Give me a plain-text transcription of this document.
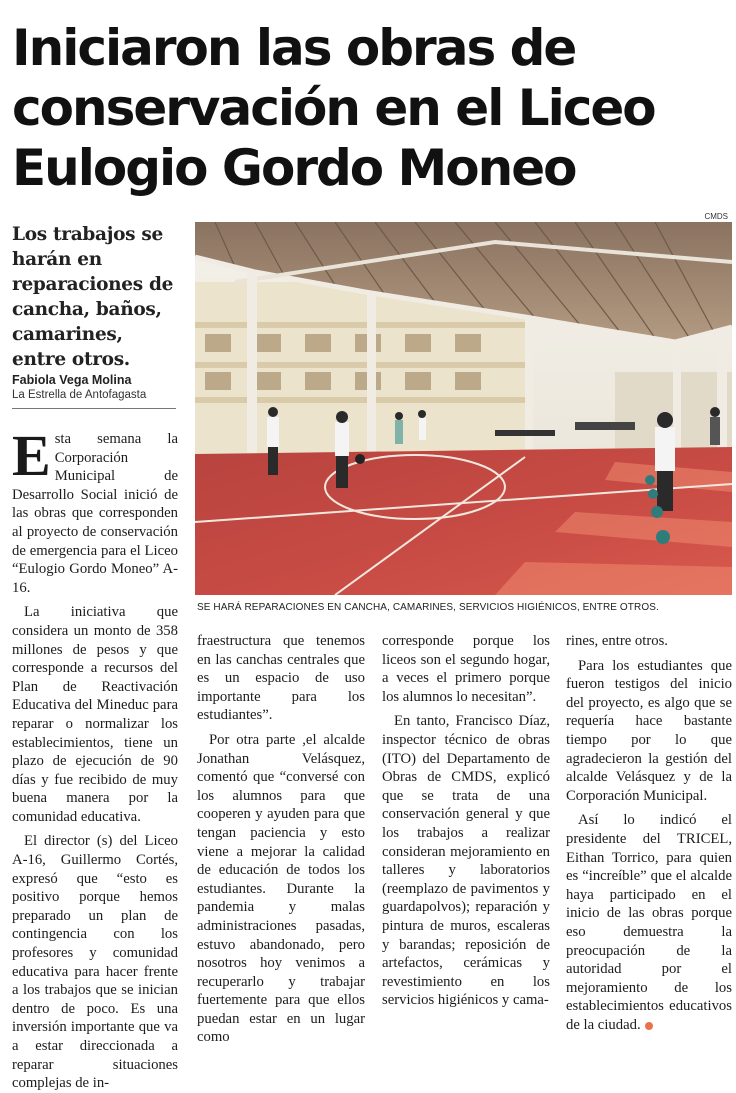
Iniciaron las obras de
conservación en el Liceo
Eulogio Gordo Moneo

Los trabajos se harán en reparaciones de cancha, baños, camarines, entre otros.

Fabiola Vega Molina
La Estrella de Antofagasta
CMDS
SE HARÁ REPARACIONES EN CANCHA, CAMARINES, SERVICIOS HIGIÉNICOS, ENTRE OTROS.

Esta semana la Corporación Municipal de Desarrollo Social inició de las obras que corresponden al proyecto de conservación de emergencia para el Liceo “Eulogio Gordo Moneo” A-16.

La iniciativa que considera un monto de 358 millones de pesos y que corresponde a recursos del Plan de Reactivación Educativa del Mineduc para reparar o normalizar los establecimientos, tiene un plazo de ejecución de 90 días y fue recibido de muy buena manera por la comunidad educativa.

El director (s) del Liceo A-16, Guillermo Cortés, expresó que “esto es positivo porque hemos preparado un plan de contingencia con los profesores y comunidad educativa para hacer frente a los trabajos que se inician dentro de poco. Es una inversión importante que va a estar direccionada a reparar situaciones complejas de in-

fraestructura que tenemos en las canchas centrales que es un espacio de uso importante para los estudiantes”.

Por otra parte ,el alcalde Jonathan Velásquez, comentó que “conversé con los alumnos para que cooperen y ayuden para que tengan paciencia y esto viene a mejorar la calidad de educación de todos los estudiantes. Durante la pandemia y malas administraciones pasadas, estuvo abandonado, pero nosotros hoy venimos a recuperarlo y trabajar fuertemente para que ellos puedan estar en un lugar como

corresponde porque los liceos son el segundo hogar, a veces el primero porque los alumnos lo necesitan”.

En tanto, Francisco Díaz, inspector técnico de obras (ITO) del Departamento de Obras de CMDS, explicó que se trata de una conservación general y que los trabajos a realizar consideran mejoramiento en talleres y laboratorios (reemplazo de pavimentos y guardapolvos); reparación y pintura de muros, escaleras y barandas; reposición de artefactos, cerámicas y revestimiento en los servicios higiénicos y cama-

rines, entre otros.

Para los estudiantes que fueron testigos del inicio del proyecto, es algo que se requería hace bastante tiempo por lo que agradecieron la gestión del alcalde Velásquez y de la Corporación Municipal.

Así lo indicó el presidente del TRICEL, Eithan Torrico, para quien es “increíble” que el alcalde haya participado en el inicio de las obras porque eso demuestra la preocupación de la autoridad por el mejoramiento de los establecimientos educativos de la ciudad.
